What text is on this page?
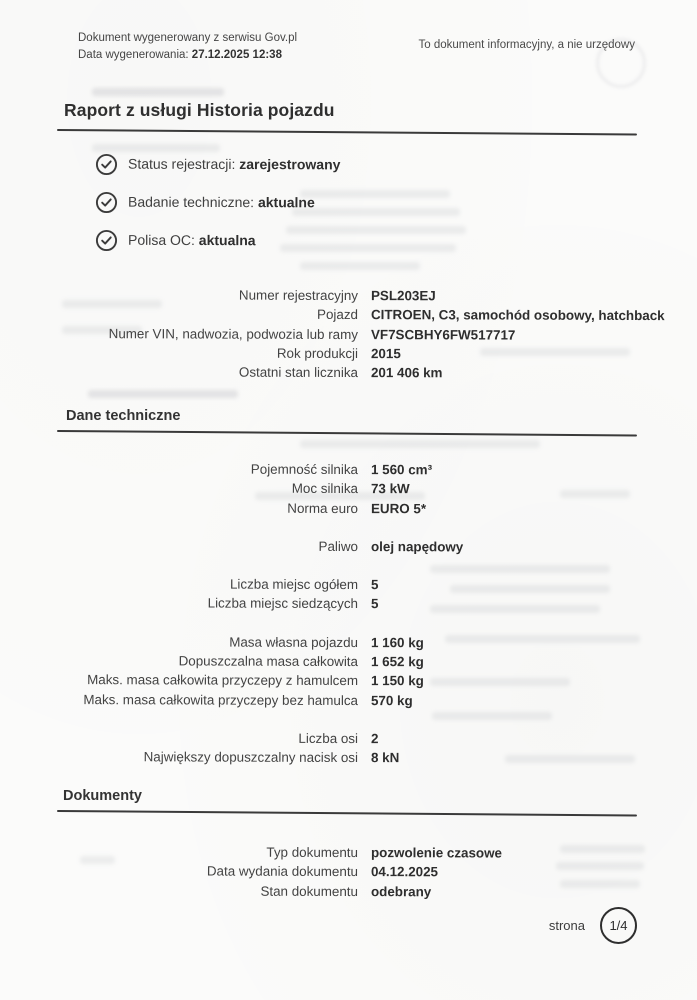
Dokument wygenerowany z serwisu Gov.pl
Data wygenerowania: 27.12.2025 12:38
To dokument informacyjny, a nie urzędowy
Raport z usługi Historia pojazdu
Status rejestracji: zarejestrowany
Badanie techniczne: aktualne
Polisa OC: aktualna
Numer rejestracyjny PSL203EJ
Pojazd CITROEN, C3, samochód osobowy, hatchback
Numer VIN, nadwozia, podwozia lub ramy VF7SCBHY6FW517717
Rok produkcji 2015
Ostatni stan licznika 201 406 km
Dane techniczne
Pojemność silnika 1 560 cm³
Moc silnika 73 kW
Norma euro EURO 5*
Paliwo olej napędowy
Liczba miejsc ogółem 5
Liczba miejsc siedzących 5
Masa własna pojazdu 1 160 kg
Dopuszczalna masa całkowita 1 652 kg
Maks. masa całkowita przyczepy z hamulcem 1 150 kg
Maks. masa całkowita przyczepy bez hamulca 570 kg
Liczba osi 2
Największy dopuszczalny nacisk osi 8 kN
Dokumenty
Typ dokumentu pozwolenie czasowe
Data wydania dokumentu 04.12.2025
Stan dokumentu odebrany
strona	1/4
